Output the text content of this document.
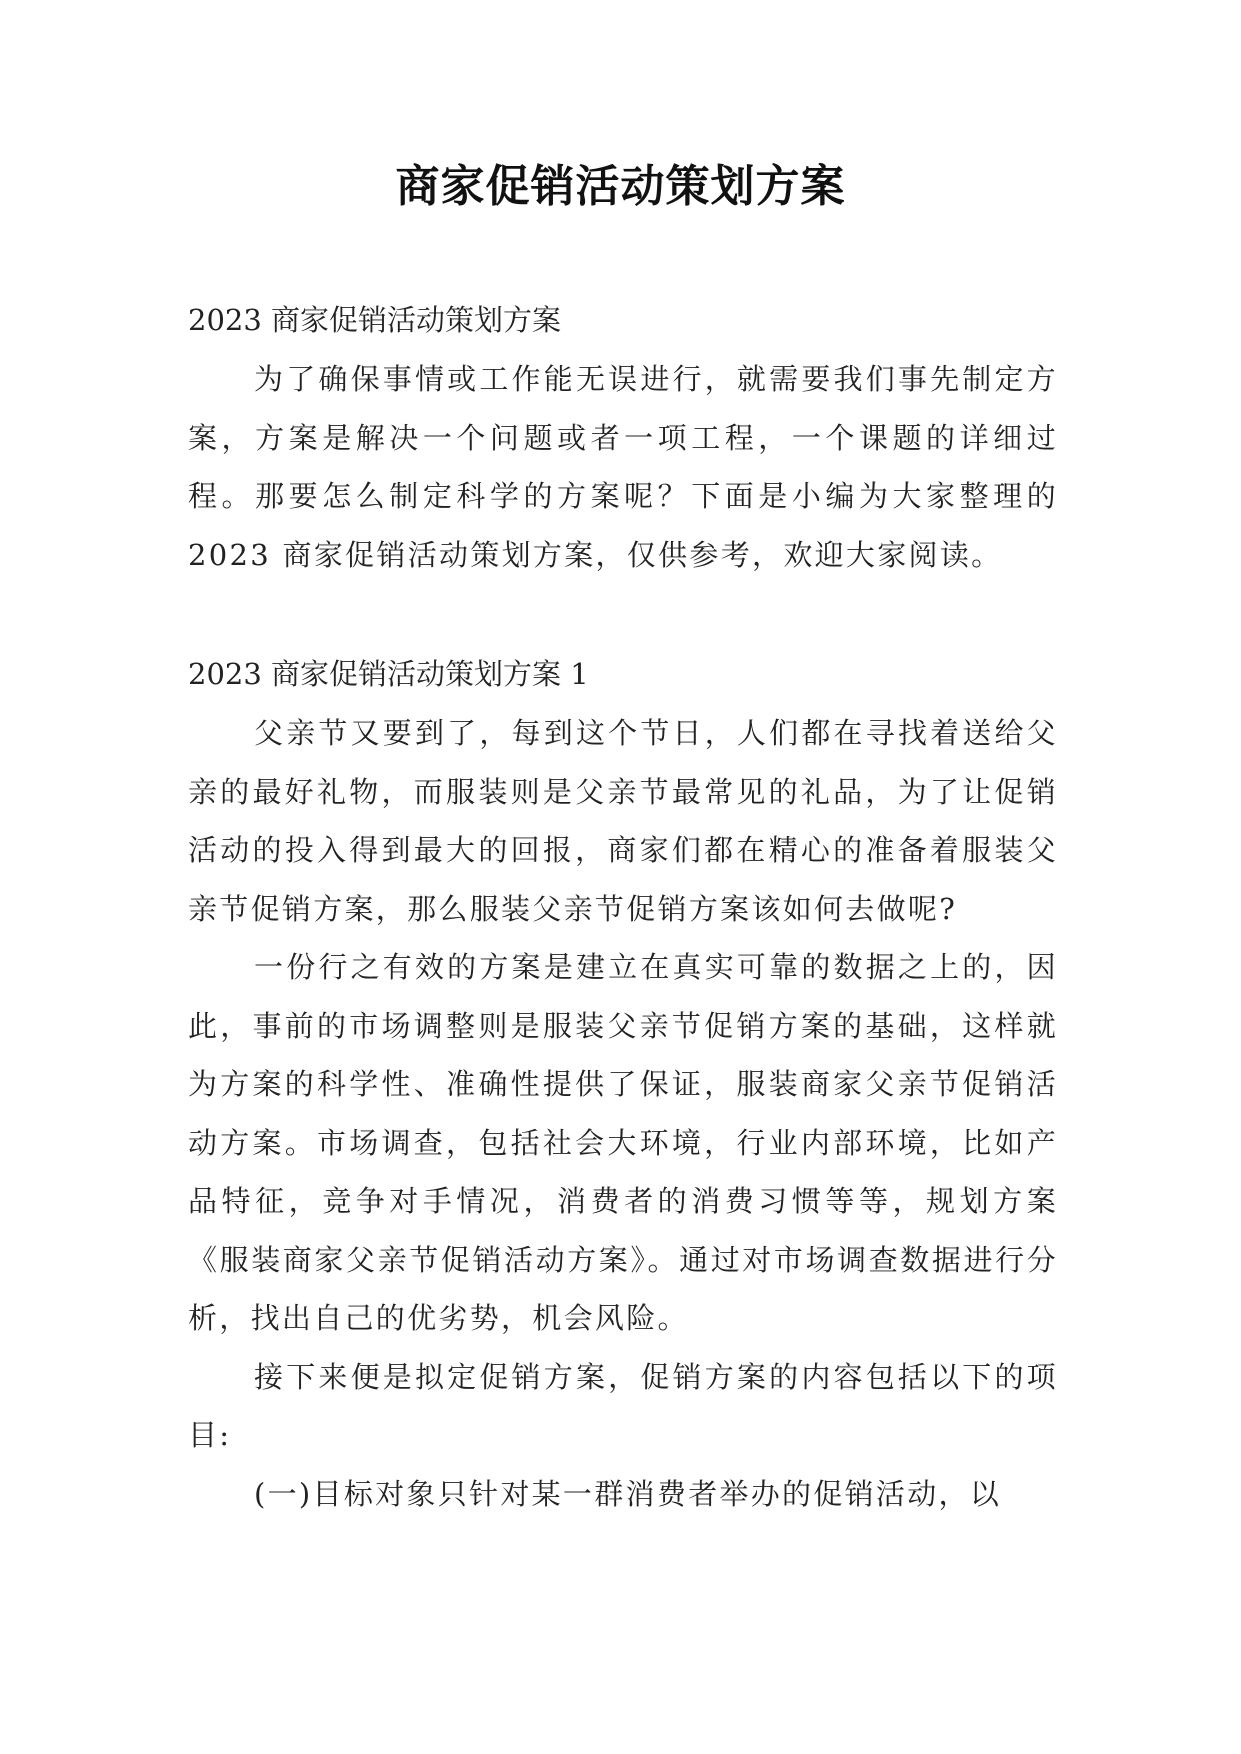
商家促销活动策划方案

2023 商家促销活动策划方案

为了确保事情或工作能无误进行，就需要我们事先制定方案，方案是解决一个问题或者一项工程，一个课题的详细过程。那要怎么制定科学的方案呢？下面是小编为大家整理的 2023 商家促销活动策划方案，仅供参考，欢迎大家阅读。

2023 商家促销活动策划方案 1

父亲节又要到了，每到这个节日，人们都在寻找着送给父亲的最好礼物，而服装则是父亲节最常见的礼品，为了让促销活动的投入得到最大的回报，商家们都在精心的准备着服装父亲节促销方案，那么服装父亲节促销方案该如何去做呢?

一份行之有效的方案是建立在真实可靠的数据之上的，因此，事前的市场调整则是服装父亲节促销方案的基础，这样就为方案的科学性、准确性提供了保证，服装商家父亲节促销活动方案。市场调查，包括社会大环境，行业内部环境，比如产品特征，竞争对手情况，消费者的消费习惯等等，规划方案《服装商家父亲节促销活动方案》。通过对市场调查数据进行分析，找出自己的优劣势，机会风险。

接下来便是拟定促销方案，促销方案的内容包括以下的项目:

(一)目标对象只针对某一群消费者举办的促销活动，以
